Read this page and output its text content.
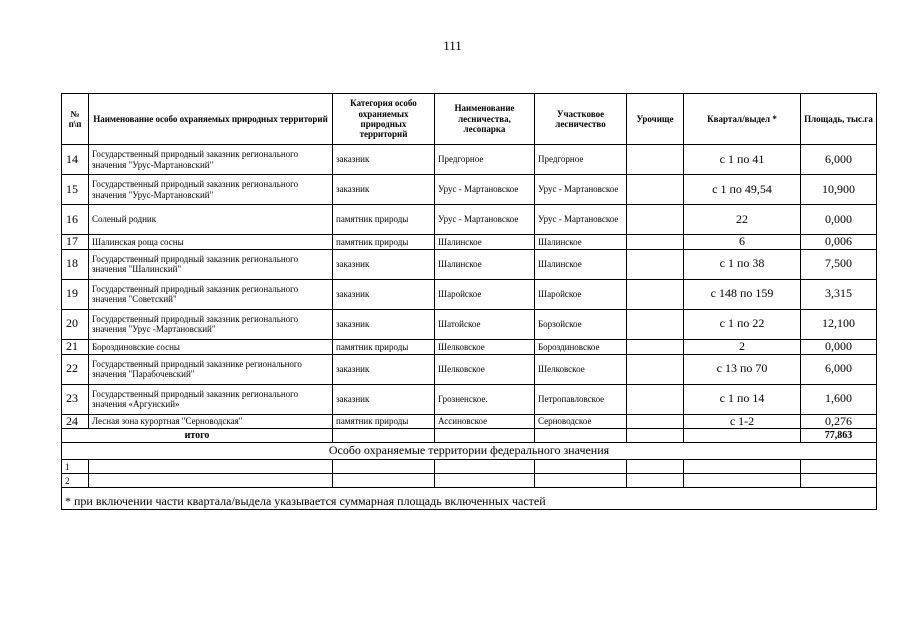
111
№ п\п	Наименование особо охраняемых природных территорий	Категория особо охраняемых природных территорий	Наименование лесничества, лесопарка	Участковое лесничество	Урочище	Квартал/выдел *	Площадь, тыс.га
14	Государственный природный заказник регионального значения "Урус-Мартановский"	заказник	Предгорное	Предгорное		с 1 по 41	6,000
15	Государственный природный заказник регионального значения "Урус-Мартановский"	заказник	Урус - Мартановское	Урус - Мартановское		с 1 по 49,54	10,900
16	Соленый родник	памятник природы	Урус - Мартановское	Урус - Мартановское		22	0,000
17	Шалинская роща сосны	памятник природы	Шалинское	Шалинское		6	0,006
18	Государственный природный заказник регионального значения "Шалинский"	заказник	Шалинское	Шалинское		с 1 по 38	7,500
19	Государственный природный заказник регионального значения "Советский"	заказник	Шаройское	Шаройское		с 148 по 159	3,315
20	Государственный природный заказник регионального значения "Урус -Мартановский"	заказник	Шатойское	Борзойское		с 1 по 22	12,100
21	Бороздиновские сосны	памятник природы	Шелковское	Бороздиновское		2	0,000
22	Государственный природный заказнике регионального значения "Парабочевский"	заказник	Шелковское	Шелковское		с 13 по 70	6,000
23	Государственный природный заказник регионального значения «Аргунский»	заказник	Грозненское.	Петропавловское		с 1 по 14	1,600
24	Лесная зона курортная "Серноводская"	памятник природы	Ассиновское	Серноводское		с 1-2	0,276
итого							77,863
Особо охраняемые территории федерального значения							
1							
2							
* при включении части квартала/выдела указывается суммарная площадь включенных частей							
